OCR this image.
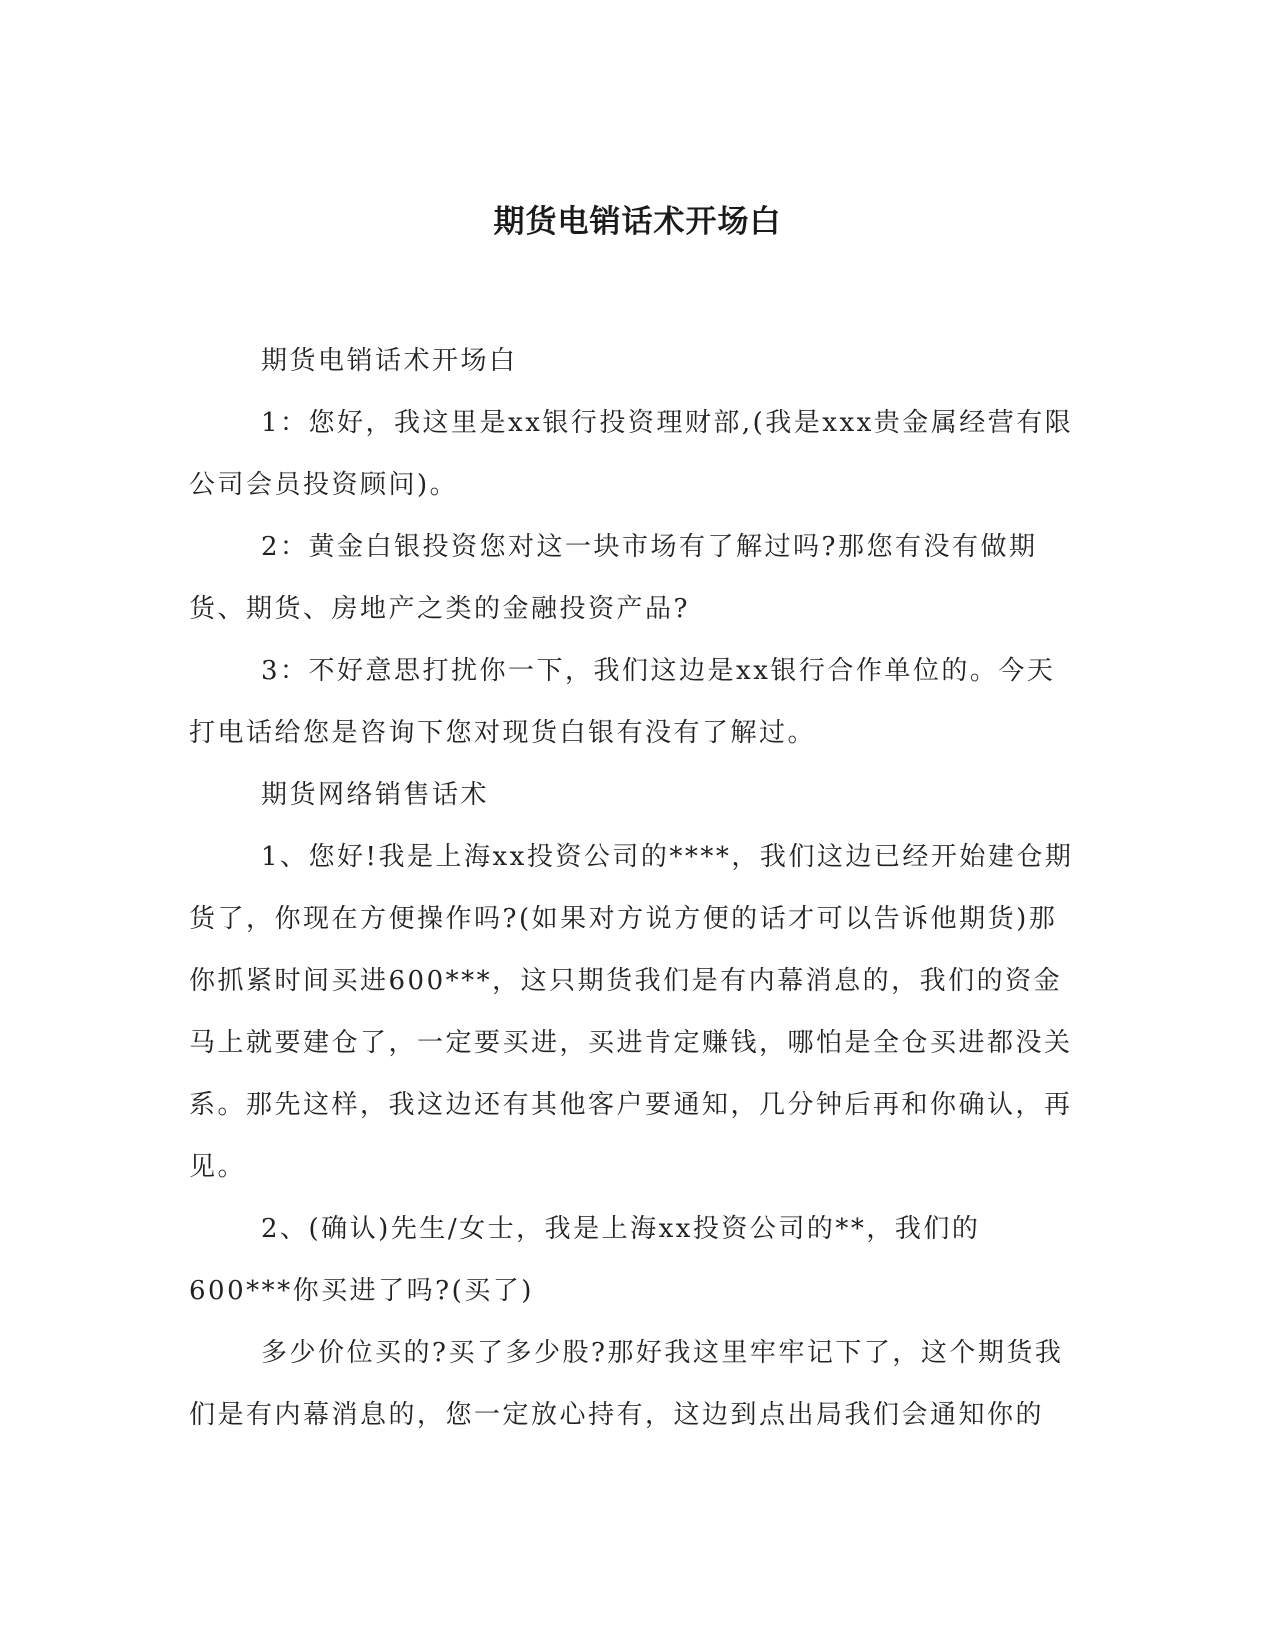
期货电销话术开场白

期货电销话术开场白

1：您好，我这里是xx银行投资理财部,(我是xxx贵金属经营有限公司会员投资顾问)。

2：黄金白银投资您对这一块市场有了解过吗?那您有没有做期货、期货、房地产之类的金融投资产品?

3：不好意思打扰你一下，我们这边是xx银行合作单位的。今天打电话给您是咨询下您对现货白银有没有了解过。

期货网络销售话术

1、您好!我是上海xx投资公司的****，我们这边已经开始建仓期货了，你现在方便操作吗?(如果对方说方便的话才可以告诉他期货)那你抓紧时间买进600***，这只期货我们是有内幕消息的，我们的资金马上就要建仓了，一定要买进，买进肯定赚钱，哪怕是全仓买进都没关系。那先这样，我这边还有其他客户要通知，几分钟后再和你确认，再见。

2、(确认)先生/女士，我是上海xx投资公司的**，我们的600***你买进了吗?(买了)

多少价位买的?买了多少股?那好我这里牢牢记下了，这个期货我们是有内幕消息的，您一定放心持有，这边到点出局我们会通知你的
